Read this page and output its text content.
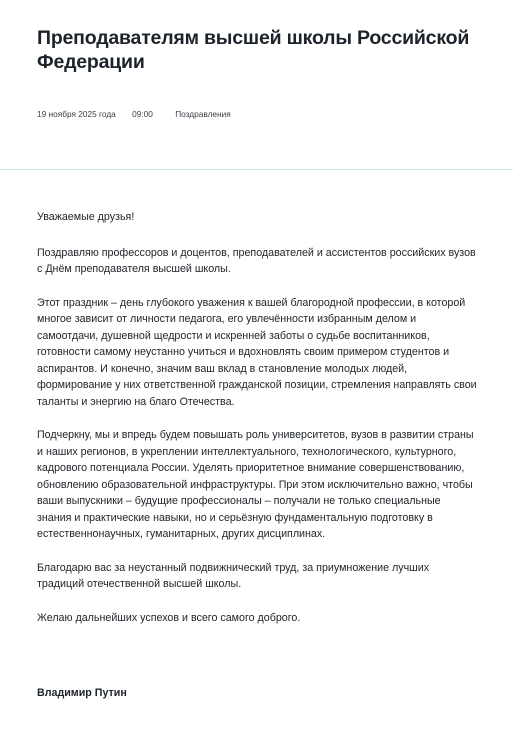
Преподавателям высшей школы Российской Федерации
19 ноября 2025 года 09:00	Поздравления

Уважаемые друзья!

Поздравляю профессоров и доцентов, преподавателей и ассистентов российских вузов с Днём преподавателя высшей школы.

Этот праздник – день глубокого уважения к вашей благородной профессии, в которой многое зависит от личности педагога, его увлечённости избранным делом и самоотдачи, душевной щедрости и искренней заботы о судьбе воспитанников, готовности самому неустанно учиться и вдохновлять своим примером студентов и аспирантов. И конечно, значим ваш вклад в становление молодых людей, формирование у них ответственной гражданской позиции, стремления направлять свои таланты и энергию на благо Отечества.

Подчеркну, мы и впредь будем повышать роль университетов, вузов в развитии страны и наших регионов, в укреплении интеллектуального, технологического, культурного, кадрового потенциала России. Уделять приоритетное внимание совершенствованию, обновлению образовательной инфраструктуры. При этом исключительно важно, чтобы ваши выпускники – будущие профессионалы – получали не только специальные знания и практические навыки, но и серьёзную фундаментальную подготовку в естественнонаучных, гуманитарных, других дисциплинах.

Благодарю вас за неустанный подвижнический труд, за приумножение лучших традиций отечественной высшей школы.

Желаю дальнейших успехов и всего самого доброго.

Владимир Путин
